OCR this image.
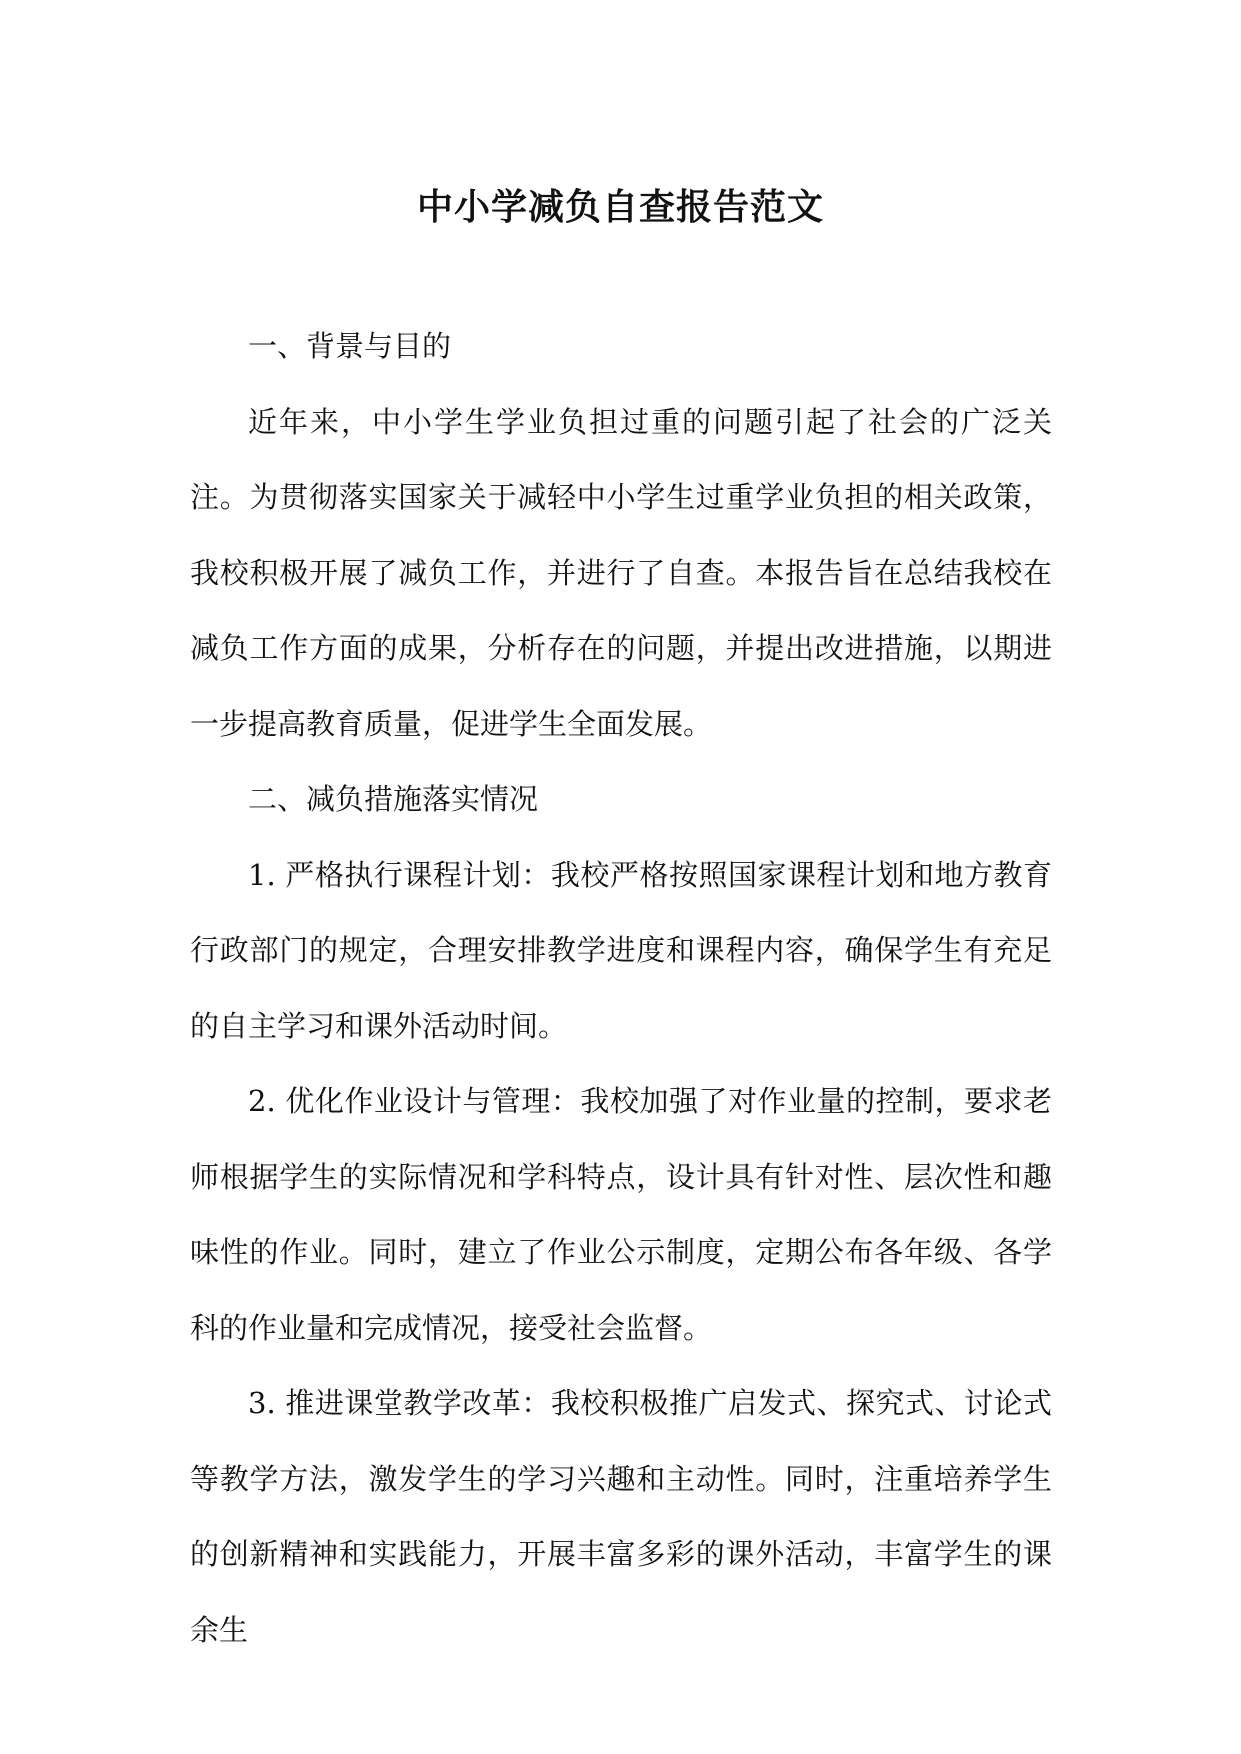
中小学减负自查报告范文

一、背景与目的

近年来，中小学生学业负担过重的问题引起了社会的广泛关注。为贯彻落实国家关于减轻中小学生过重学业负担的相关政策，我校积极开展了减负工作，并进行了自查。本报告旨在总结我校在减负工作方面的成果，分析存在的问题，并提出改进措施，以期进一步提高教育质量，促进学生全面发展。

二、减负措施落实情况

1. 严格执行课程计划：我校严格按照国家课程计划和地方教育行政部门的规定，合理安排教学进度和课程内容，确保学生有充足的自主学习和课外活动时间。

2. 优化作业设计与管理：我校加强了对作业量的控制，要求老师根据学生的实际情况和学科特点，设计具有针对性、层次性和趣味性的作业。同时，建立了作业公示制度，定期公布各年级、各学科的作业量和完成情况，接受社会监督。

3. 推进课堂教学改革：我校积极推广启发式、探究式、讨论式等教学方法，激发学生的学习兴趣和主动性。同时，注重培养学生的创新精神和实践能力，开展丰富多彩的课外活动，丰富学生的课余生
